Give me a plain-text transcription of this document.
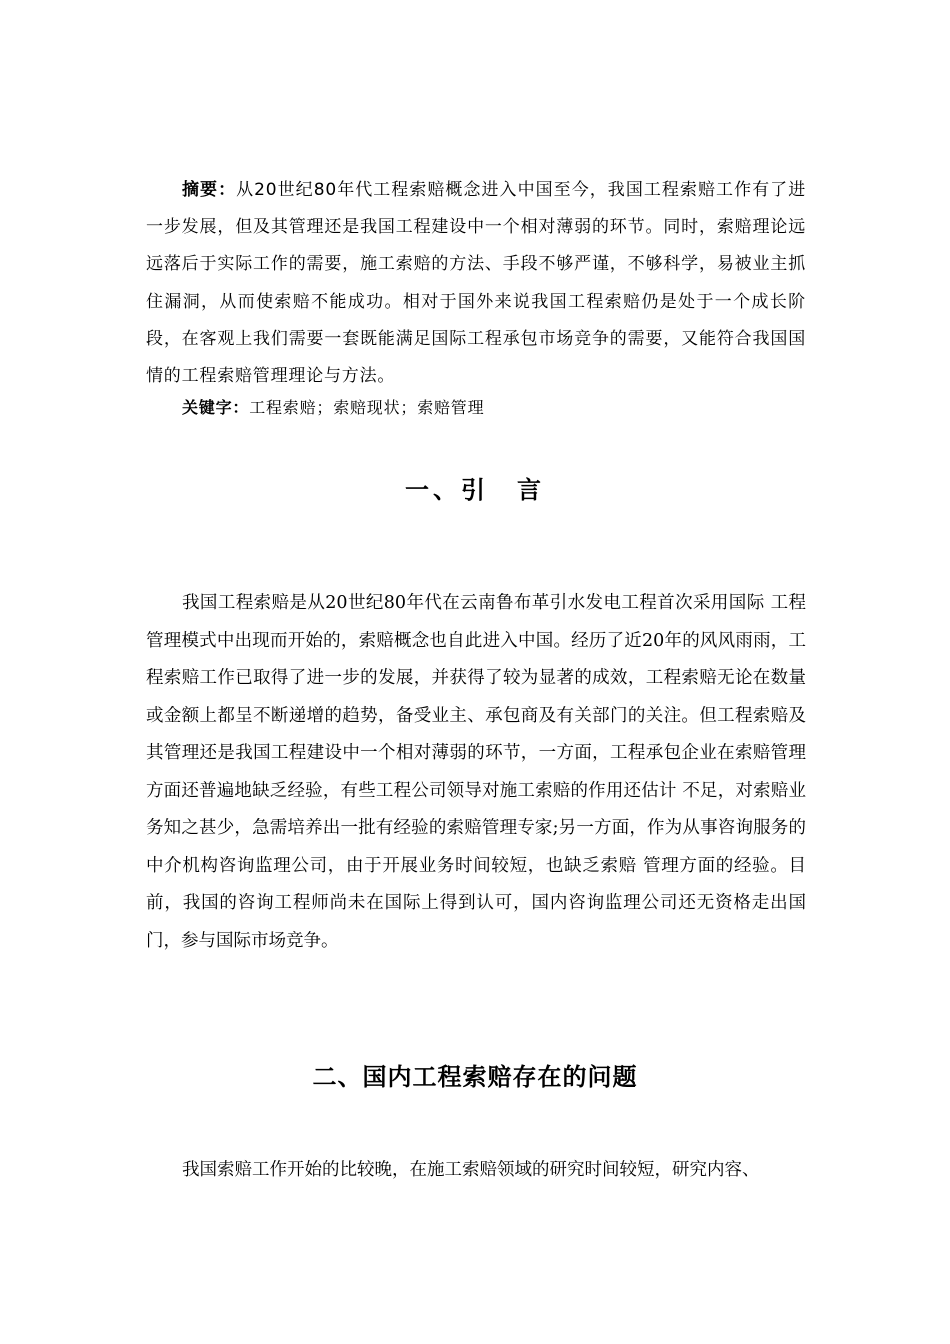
摘要：从20世纪80年代工程索赔概念进入中国至今，我国工程索赔工作有了进一步发展，但及其管理还是我国工程建设中一个相对薄弱的环节。同时，索赔理论远远落后于实际工作的需要，施工索赔的方法、手段不够严谨，不够科学，易被业主抓住漏洞，从而使索赔不能成功。相对于国外来说我国工程索赔仍是处于一个成长阶段，在客观上我们需要一套既能满足国际工程承包市场竞争的需要，又能符合我国国情的工程索赔管理理论与方法。

关键字：工程索赔；索赔现状；索赔管理

一、引　言

我国工程索赔是从20世纪80年代在云南鲁布革引水发电工程首次采用国际 工程管理模式中出现而开始的，索赔概念也自此进入中国。经历了近20年的风风雨雨，工程索赔工作已取得了进一步的发展，并获得了较为显著的成效，工程索赔无论在数量或金额上都呈不断递增的趋势，备受业主、承包商及有关部门的关注。但工程索赔及其管理还是我国工程建设中一个相对薄弱的环节，一方面，工程承包企业在索赔管理方面还普遍地缺乏经验，有些工程公司领导对施工索赔的作用还估计 不足，对索赔业务知之甚少，急需培养出一批有经验的索赔管理专家;另一方面，作为从事咨询服务的中介机构咨询监理公司，由于开展业务时间较短，也缺乏索赔 管理方面的经验。目前，我国的咨询工程师尚未在国际上得到认可，国内咨询监理公司还无资格走出国门，参与国际市场竞争。

二、国内工程索赔存在的问题

我国索赔工作开始的比较晚，在施工索赔领域的研究时间较短，研究内容、
